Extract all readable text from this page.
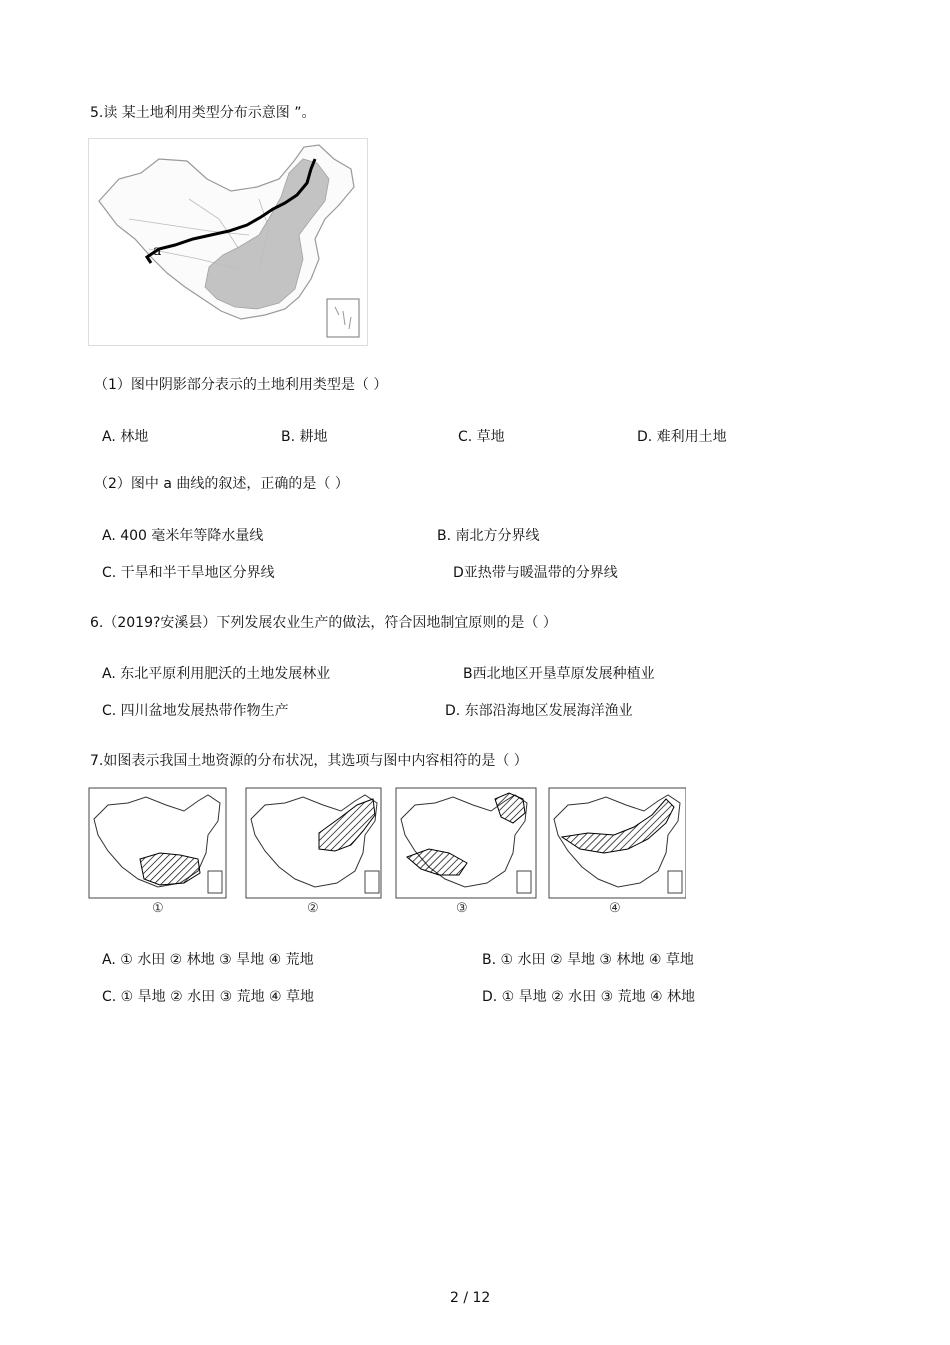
5.读 某土地利用类型分布示意图 ”。
a
（1）图中阴影部分表示的土地利用类型是（ ）
A. 林地	B. 耕地	C. 草地	D. 难利用土地
（2）图中 a 曲线的叙述，正确的是（ ）
A. 400 毫米年等降水量线	B. 南北方分界线
C. 干旱和半干旱地区分界线	D亚热带与暖温带的分界线
6.（2019?安溪县）下列发展农业生产的做法，符合因地制宜原则的是（ ）
A. 东北平原利用肥沃的土地发展林业	B西北地区开垦草原发展种植业
C. 四川盆地发展热带作物生产	D. 东部沿海地区发展海洋渔业
7.如图表示我国土地资源的分布状况，其选项与图中内容相符的是（ ）
①	②	③	④
A. ① 水田 ② 林地 ③ 旱地 ④ 荒地	B. ① 水田 ② 旱地 ③ 林地 ④ 草地
C. ① 旱地 ② 水田 ③ 荒地 ④ 草地	D. ① 旱地 ② 水田 ③ 荒地 ④ 林地
2 / 12
